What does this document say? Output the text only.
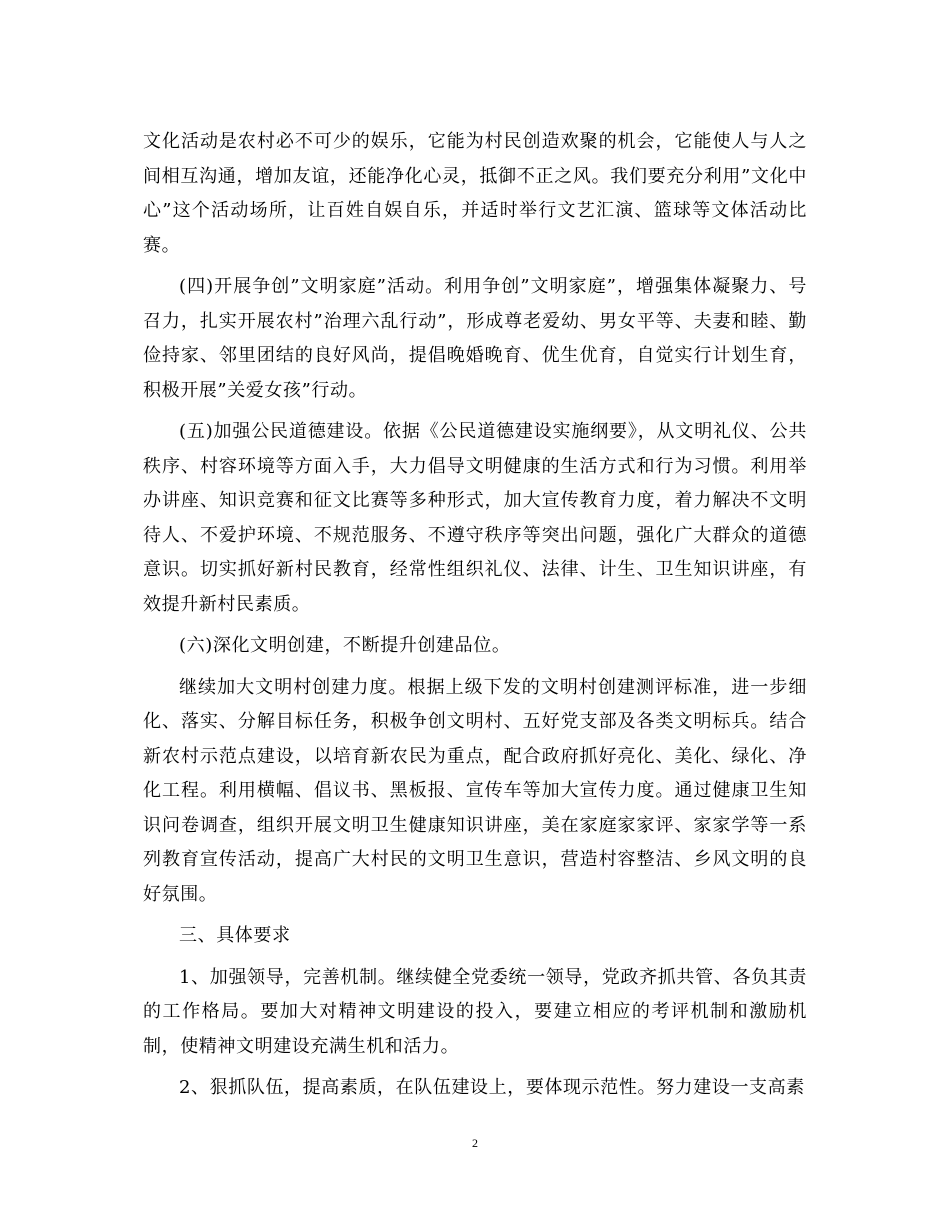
文化活动是农村必不可少的娱乐，它能为村民创造欢聚的机会，它能使人与人之间相互沟通，增加友谊，还能净化心灵，抵御不正之风。我们要充分利用”文化中心”这个活动场所，让百姓自娱自乐，并适时举行文艺汇演、篮球等文体活动比赛。

(四)开展争创”文明家庭”活动。利用争创”文明家庭”，增强集体凝聚力、号召力，扎实开展农村”治理六乱行动”，形成尊老爱幼、男女平等、夫妻和睦、勤俭持家、邻里团结的良好风尚，提倡晚婚晚育、优生优育，自觉实行计划生育，积极开展”关爱女孩”行动。

(五)加强公民道德建设。依据《公民道德建设实施纲要》，从文明礼仪、公共秩序、村容环境等方面入手，大力倡导文明健康的生活方式和行为习惯。利用举办讲座、知识竞赛和征文比赛等多种形式，加大宣传教育力度，着力解决不文明待人、不爱护环境、不规范服务、不遵守秩序等突出问题，强化广大群众的道德意识。切实抓好新村民教育，经常性组织礼仪、法律、计生、卫生知识讲座，有效提升新村民素质。

(六)深化文明创建，不断提升创建品位。

继续加大文明村创建力度。根据上级下发的文明村创建测评标准，进一步细化、落实、分解目标任务，积极争创文明村、五好党支部及各类文明标兵。结合新农村示范点建设，以培育新农民为重点，配合政府抓好亮化、美化、绿化、净化工程。利用横幅、倡议书、黑板报、宣传车等加大宣传力度。通过健康卫生知识问卷调查，组织开展文明卫生健康知识讲座，美在家庭家家评、家家学等一系列教育宣传活动，提高广大村民的文明卫生意识，营造村容整洁、乡风文明的良好氛围。

三、具体要求

1、加强领导，完善机制。继续健全党委统一领导，党政齐抓共管、各负其责的工作格局。要加大对精神文明建设的投入，要建立相应的考评机制和激励机制，使精神文明建设充满生机和活力。

2、狠抓队伍，提高素质，在队伍建设上，要体现示范性。努力建设一支高素

2
